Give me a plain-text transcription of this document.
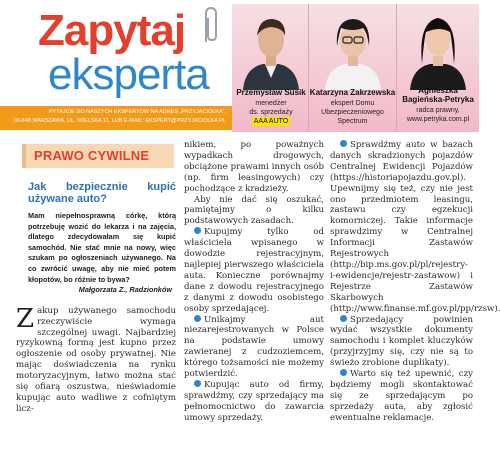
Zapytaj
eksperta	Przemysław Susik
menedżer
ds. sprzedaży
AAA AUTO
Katarzyna Zakrzewska
ekspert Domu
Ubezpieczeniowego
Spectrum
Agnieszka
Bagieńska-Petryka
radca prawny,
www.petryka.com.pl
PYTAJCIE DO NASZYCH EKSPERTÓW NA ADRES „PRZYJACIÓŁKA”,
00-848 WARSZAWA, UL. WIELSKA 11, LUB E-MAIL: EKSPERT@PRZYJACIOLKA.PL
PRAWO CYWILNE
Jak bezpiecznie kupić używane auto?
Mam niepełnosprawną córkę, którą potrzebuję wozić do lekarza i na zajęcia, dlatego zdecydowałam się kupić samochód. Nie stać mnie na nowy, więc szukam po ogłoszeniach używanego. Na co zwrócić uwagę, aby nie mieć potem kłopotów, bo różnie to bywa?
Małgorzata Z., Radzionków

Zakup używanego samochodu rzeczywiście wymaga szczególnej uwagi. Najbardziej ryzykowną formą jest kupno przez ogłoszenie od osoby prywatnej. Nie mając doświadczenia na rynku motoryzacyjnym, łatwo można stać się ofiarą oszustwa, nieświadomie kupując auto wadliwe z cofniętym licz-

nikiem, po poważnych wypadkach drogowych, obciążone prawami innych osób (np. firm leasingowych) czy pochodzące z kradzieży.

Aby nie dać się oszukać, pamiętajmy o kilku podstawowych zasadach.

Kupujmy tylko od właściciela wpisanego w dowodzie rejestracyjnym, najlepiej pierwszego właściciela auta. Konieczne porównajmy dane z dowodu rejestracyjnego z danymi z dowodu osobistego osoby sprzedającej.

Unikajmy aut niezarejestrowanych w Polsce na podstawie umowy zawieranej z cudzoziemcem, którego tożsamości nie możemy potwierdzić.

Kupując auto od firmy, sprawdźmy, czy sprzedający ma pełnomocnictwo do zawarcia umowy sprzedaży.

Sprawdźmy auto w bazach danych skradzionych pojazdów Centralnej Ewidencji Pojazdów (https://historiapojazdu.gov.pl). Upewnijmy się też, czy nie jest ono przedmiotem leasingu, zastawu czy egzekucji komorniczej. Takie informacje sprawdzimy w Centralnej Informacji Zastawów Rejestrowych (http://bip.ms.gov.pl/pl/rejestry-i-ewidencje/rejestr-zastawow) i Rejestrze Zastawów Skarbowych (http://www.finanse.mf.gov.pl/pp/rzsw).

Sprzedający powinien wydać wszystkie dokumenty samochodu i komplet kluczyków (przyjrzyjmy się, czy nie są to świeżo zrobione duplikaty).

Warto się też upewnić, czy będziemy mogli skontaktować się ze sprzedającym po sprzedaży auta, aby zgłosić ewentualne reklamacje.
